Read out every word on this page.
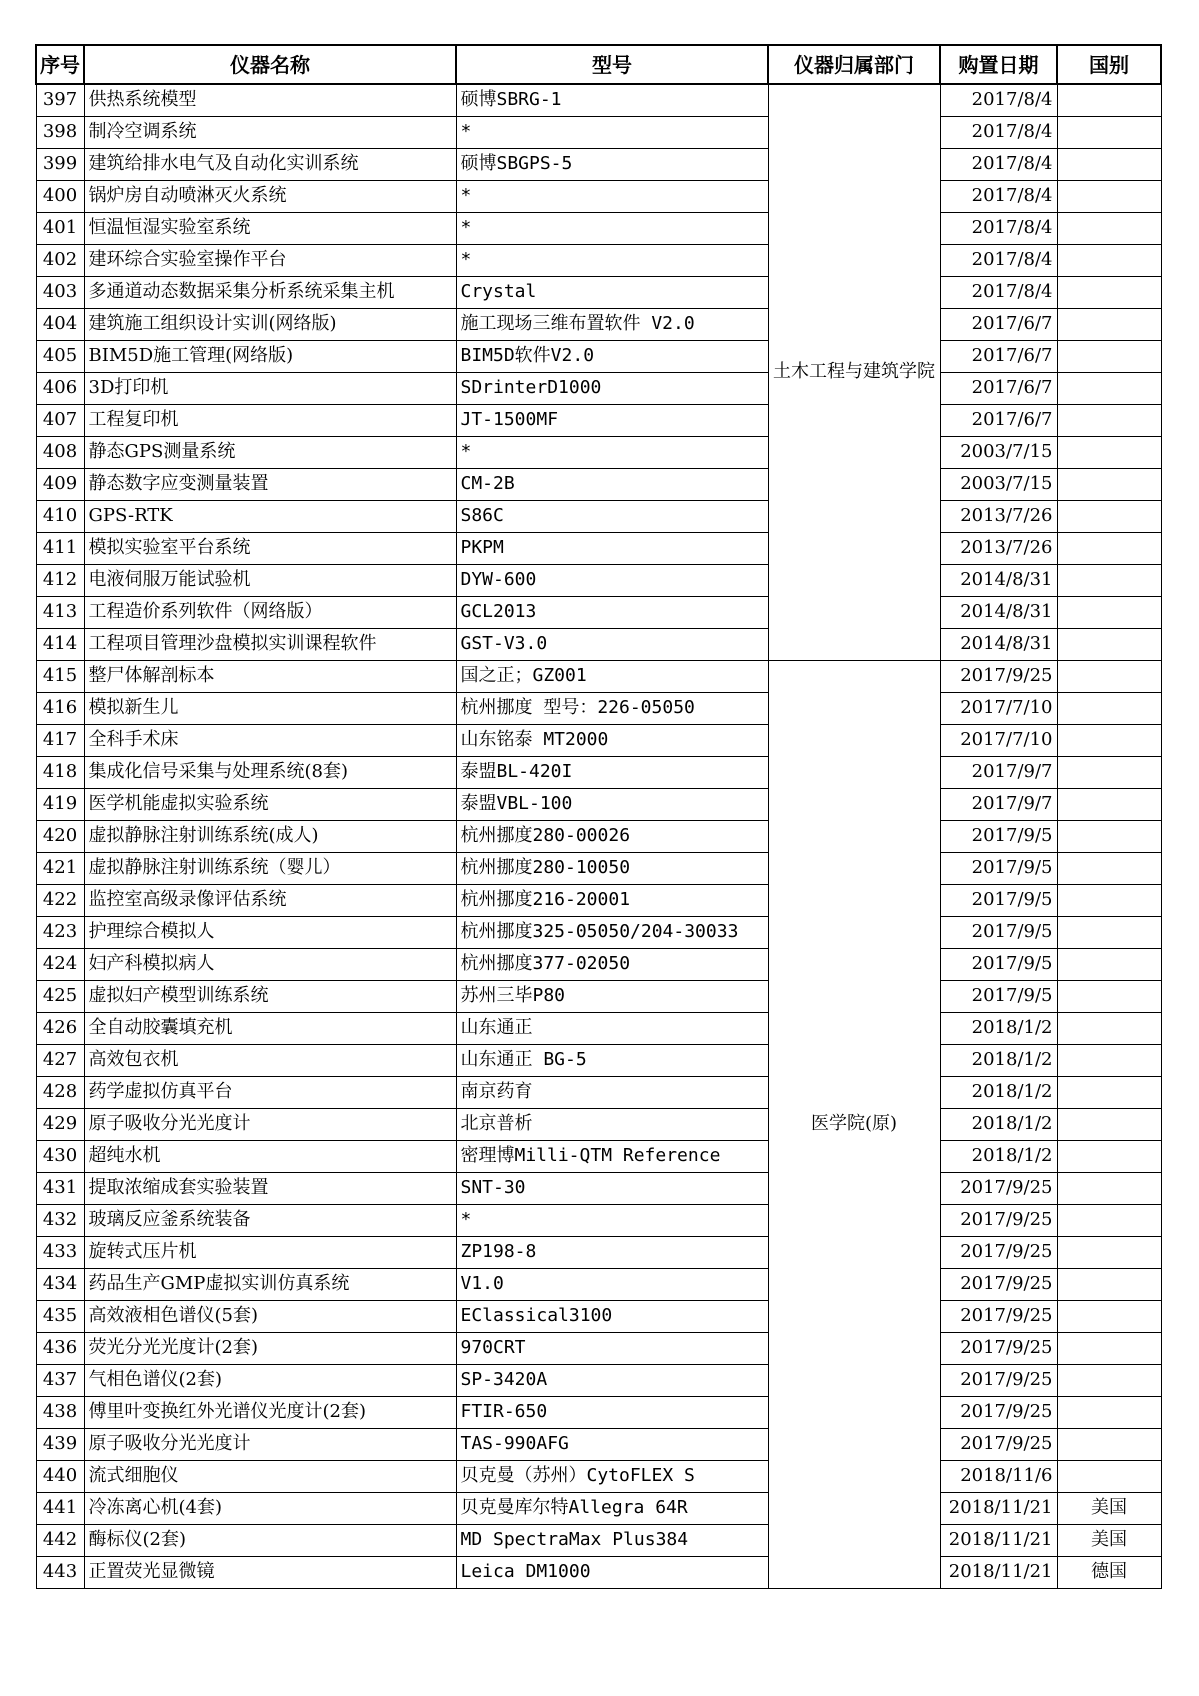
序号	仪器名称	型号	仪器归属部门	购置日期	国别
397	供热系统模型	硕博SBRG-1	土木工程与建筑学院	2017/8/4	
398	制冷空调系统	*		2017/8/4	
399	建筑给排水电气及自动化实训系统	硕博SBGPS-5		2017/8/4	
400	锅炉房自动喷淋灭火系统	*		2017/8/4	
401	恒温恒湿实验室系统	*		2017/8/4	
402	建环综合实验室操作平台	*		2017/8/4	
403	多通道动态数据采集分析系统采集主机	Crystal		2017/8/4	
404	建筑施工组织设计实训(网络版)	施工现场三维布置软件 V2.0		2017/6/7	
405	BIM5D施工管理(网络版)	BIM5D软件V2.0		2017/6/7	
406	3D打印机	SDrinterD1000		2017/6/7	
407	工程复印机	JT-1500MF		2017/6/7	
408	静态GPS测量系统	*		2003/7/15	
409	静态数字应变测量装置	CM-2B		2003/7/15	
410	GPS-RTK	S86C		2013/7/26	
411	模拟实验室平台系统	PKPM		2013/7/26	
412	电液伺服万能试验机	DYW-600		2014/8/31	
413	工程造价系列软件（网络版）	GCL2013		2014/8/31	
414	工程项目管理沙盘模拟实训课程软件	GST-V3.0		2014/8/31	
415	整尸体解剖标本	国之正；GZ001	医学院(原)	2017/9/25	
416	模拟新生儿	杭州挪度 型号：226-05050		2017/7/10	
417	全科手术床	山东铭泰 MT2000		2017/7/10	
418	集成化信号采集与处理系统(8套)	泰盟BL-420I		2017/9/7	
419	医学机能虚拟实验系统	泰盟VBL-100		2017/9/7	
420	虚拟静脉注射训练系统(成人)	杭州挪度280-00026		2017/9/5	
421	虚拟静脉注射训练系统（婴儿）	杭州挪度280-10050		2017/9/5	
422	监控室高级录像评估系统	杭州挪度216-20001		2017/9/5	
423	护理综合模拟人	杭州挪度325-05050/204-30033		2017/9/5	
424	妇产科模拟病人	杭州挪度377-02050		2017/9/5	
425	虚拟妇产模型训练系统	苏州三毕P80		2017/9/5	
426	全自动胶囊填充机	山东通正		2018/1/2	
427	高效包衣机	山东通正 BG-5		2018/1/2	
428	药学虚拟仿真平台	南京药育		2018/1/2	
429	原子吸收分光光度计	北京普析		2018/1/2	
430	超纯水机	密理博Milli-QTM Reference		2018/1/2	
431	提取浓缩成套实验装置	SNT-30		2017/9/25	
432	玻璃反应釜系统装备	*		2017/9/25	
433	旋转式压片机	ZP198-8		2017/9/25	
434	药品生产GMP虚拟实训仿真系统	V1.0		2017/9/25	
435	高效液相色谱仪(5套)	EClassical3100		2017/9/25	
436	荧光分光光度计(2套)	970CRT		2017/9/25	
437	气相色谱仪(2套)	SP-3420A		2017/9/25	
438	傅里叶变换红外光谱仪光度计(2套)	FTIR-650		2017/9/25	
439	原子吸收分光光度计	TAS-990AFG		2017/9/25	
440	流式细胞仪	贝克曼（苏州）CytoFLEX S		2018/11/6	
441	冷冻离心机(4套)	贝克曼库尔特Allegra 64R		2018/11/21	美国
442	酶标仪(2套)	MD SpectraMax Plus384		2018/11/21	美国
443	正置荧光显微镜	Leica DM1000		2018/11/21	德国
